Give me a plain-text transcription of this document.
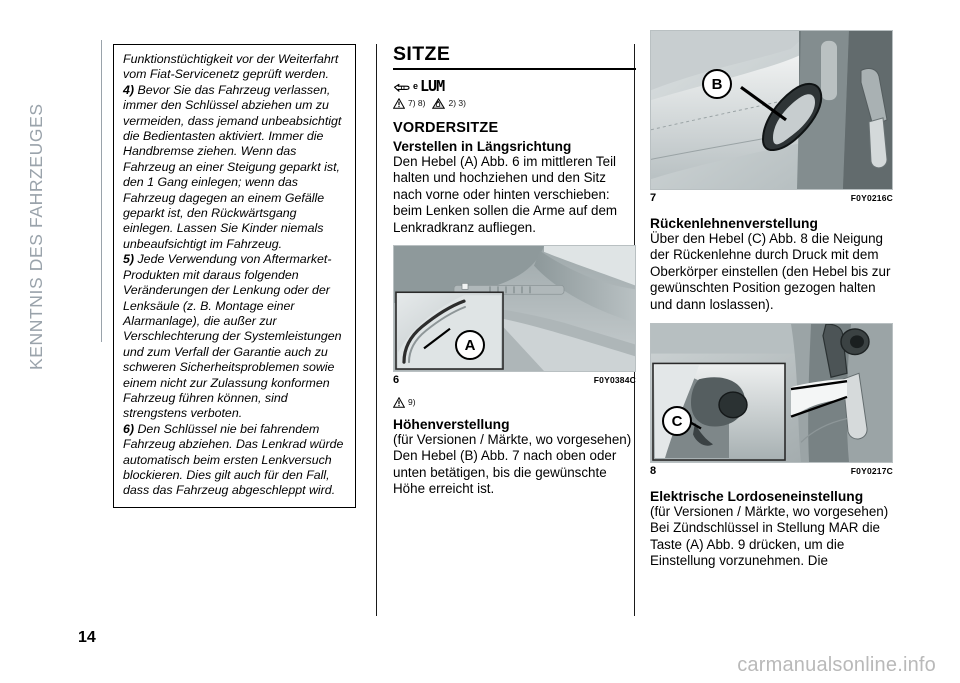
KENNTNIS DES FAHRZEUGES

Funktionstüchtigkeit vor der Weiterfahrt vom Fiat-Servicenetz geprüft werden.

4) Bevor Sie das Fahrzeug verlassen, immer den Schlüssel abziehen um zu vermeiden, dass jemand unbeabsichtigt die Bedientasten aktiviert. Immer die Handbremse ziehen. Wenn das Fahrzeug an einer Steigung geparkt ist, den 1 Gang einlegen; wenn das Fahrzeug dagegen an einem Gefälle geparkt ist, den Rückwärtsgang einlegen. Lassen Sie Kinder niemals unbeaufsichtigt im Fahrzeug.

5) Jede Verwendung von Aftermarket-Produkten mit daraus folgenden Veränderungen der Lenkung oder der Lenksäule (z. B. Montage einer Alarmanlage), die außer zur Verschlechterung der Systemleistungen und zum Verfall der Garantie auch zu schweren Sicherheitsproblemen sowie einem nicht zur Zulassung konformen Fahrzeug führen können, sind strengstens verboten.

6) Den Schlüssel nie bei fahrendem Fahrzeug abziehen. Das Lenkrad würde automatisch beim ersten Lenkversuch blockieren. Dies gilt auch für den Fall, dass das Fahrzeug abgeschleppt wird.

SITZE
e LUM
7) 8)	2) 3)
VORDERSITZE
Verstellen in Längsrichtung

Den Hebel (A) Abb. 6 im mittleren Teil halten und hochziehen und den Sitz nach vorne oder hinten verschieben: beim Lenken sollen die Arme auf dem Lenkradkranz aufliegen.

A
6	F0Y0384C
9)
Höhenverstellung

(für Versionen / Märkte, wo vorgesehen)

Den Hebel (B) Abb. 7 nach oben oder unten betätigen, bis die gewünschte Höhe erreicht ist.

B
7	F0Y0216C
Rückenlehnenverstellung

Über den Hebel (C) Abb. 8 die Neigung der Rückenlehne durch Druck mit dem Oberkörper einstellen (den Hebel bis zur gewünschten Position gezogen halten und dann loslassen).

C
8	F0Y0217C
Elektrische Lordoseneinstellung

(für Versionen / Märkte, wo vorgesehen)

Bei Zündschlüssel in Stellung MAR die Taste (A) Abb. 9 drücken, um die Einstellung vorzunehmen. Die

14
carmanualsonline.info
